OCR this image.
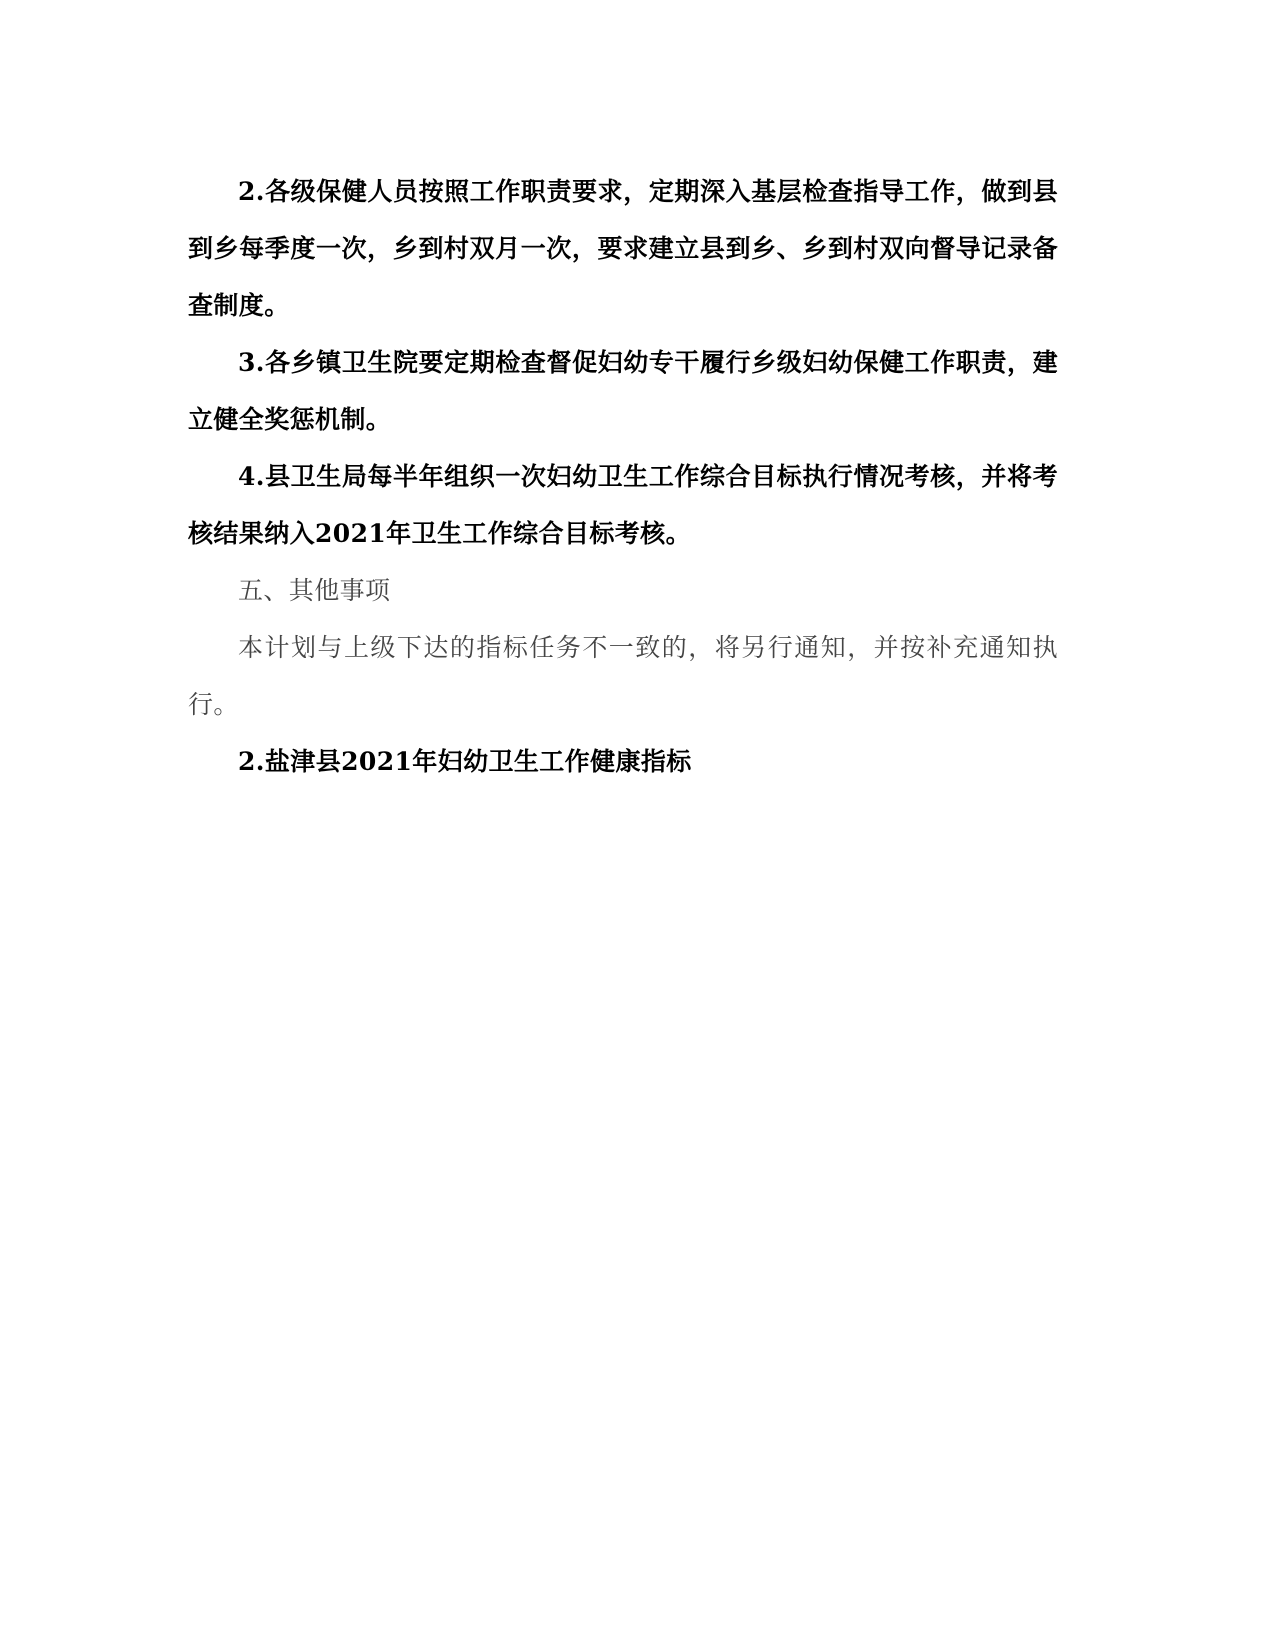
2.各级保健人员按照工作职责要求，定期深入基层检查指导工作，做到县到乡每季度一次，乡到村双月一次，要求建立县到乡、乡到村双向督导记录备查制度。

3.各乡镇卫生院要定期检查督促妇幼专干履行乡级妇幼保健工作职责，建立健全奖惩机制。

4.县卫生局每半年组织一次妇幼卫生工作综合目标执行情况考核，并将考核结果纳入2021年卫生工作综合目标考核。

五、其他事项

本计划与上级下达的指标任务不一致的，将另行通知，并按补充通知执行。

2.盐津县2021年妇幼卫生工作健康指标
